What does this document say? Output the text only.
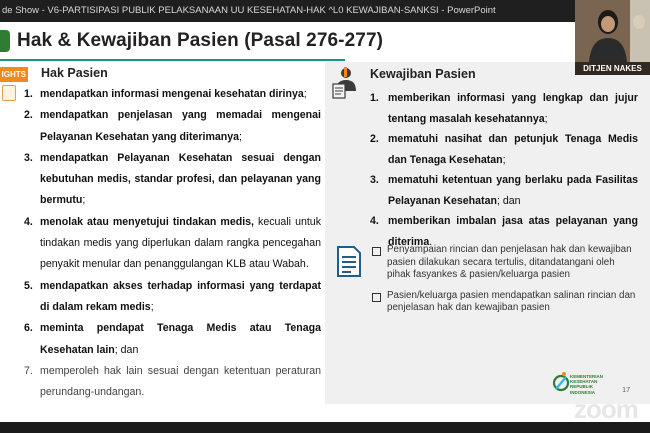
de Show - V6-PARTISIPASI PUBLIK PELAKSANAAN UU KESEHATAN-HAK ^L0 KEWAJIBAN-SANKSI - PowerPoint
Hak & Kewajiban Pasien (Pasal 276-277)
IGHTS Hak Pasien
1. mendapatkan informasi mengenai kesehatan dirinya;
2. mendapatkan penjelasan yang memadai mengenai Pelayanan Kesehatan yang diterimanya;
3. mendapatkan Pelayanan Kesehatan sesuai dengan kebutuhan medis, standar profesi, dan pelayanan yang bermutu;
4. menolak atau menyetujui tindakan medis, kecuali untuk tindakan medis yang diperlukan dalam rangka pencegahan penyakit menular dan penanggulangan KLB atau Wabah.
5. mendapatkan akses terhadap informasi yang terdapat di dalam rekam medis;
6. meminta pendapat Tenaga Medis atau Tenaga Kesehatan lain; dan
7. memperoleh hak lain sesuai dengan ketentuan peraturan perundang-undangan.
Kewajiban Pasien
1. memberikan informasi yang lengkap dan jujur tentang masalah kesehatannya;
2. mematuhi nasihat dan petunjuk Tenaga Medis dan Tenaga Kesehatan;
3. mematuhi ketentuan yang berlaku pada Fasilitas Pelayanan Kesehatan; dan
4. memberikan imbalan jasa atas pelayanan yang diterima.
Penyampaian rincian dan penjelasan hak dan kewajiban pasien dilakukan secara tertulis, ditandatangani oleh pihak fasyankes & pasien/keluarga pasien
Pasien/keluarga pasien mendapatkan salinan rincian dan penjelasan hak dan kewajiban pasien
KEMENTERIAN KESEHATAN REPUBLIK INDONESIA	17
zoom
DITJEN NAKES
